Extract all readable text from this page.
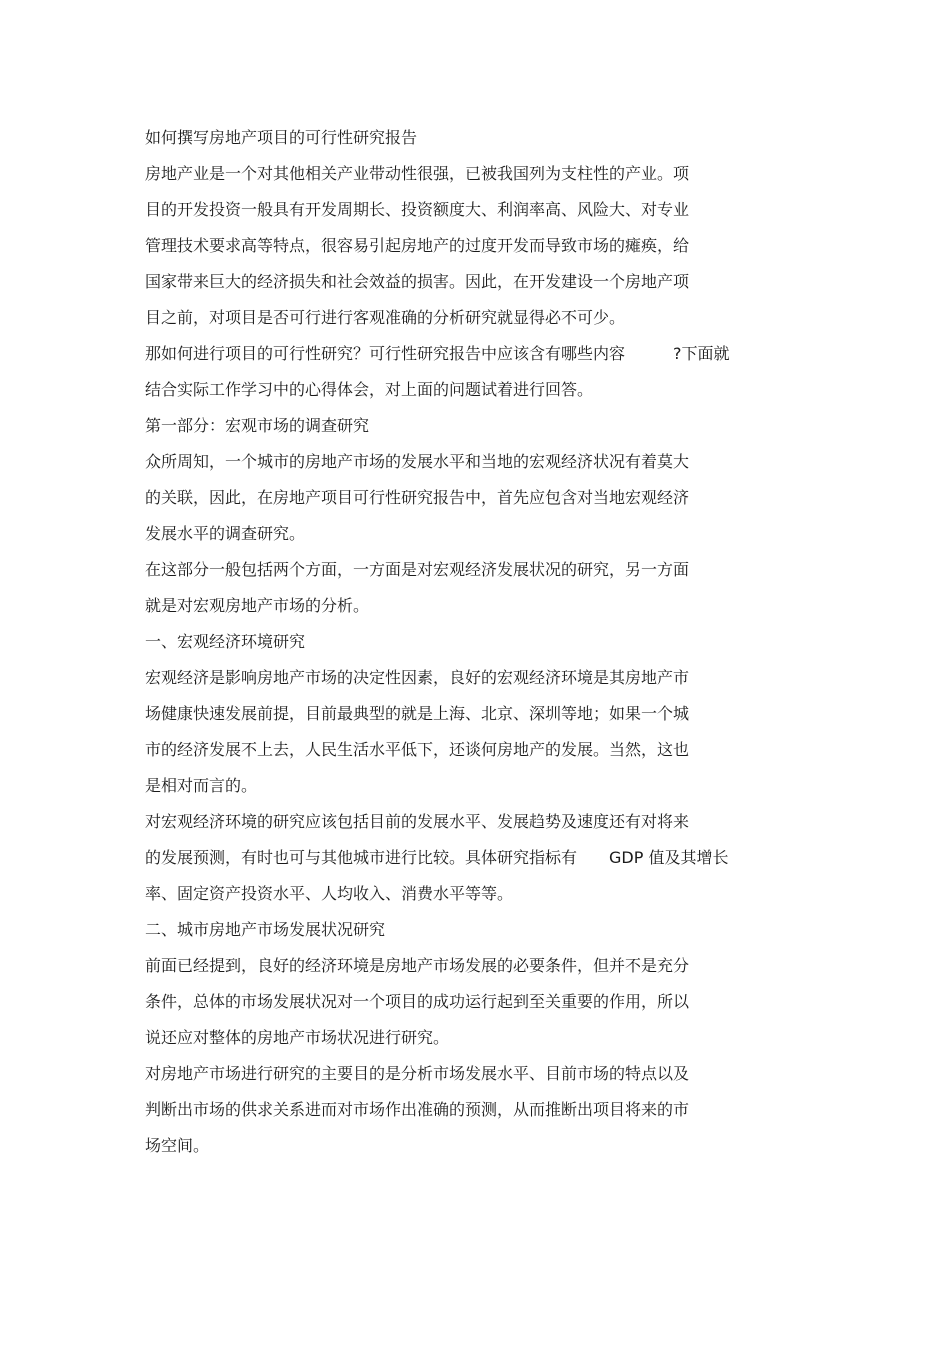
如何撰写房地产项目的可行性研究报告
房地产业是一个对其他相关产业带动性很强，已被我国列为支柱性的产业。项
目的开发投资一般具有开发周期长、投资额度大、利润率高、风险大、对专业
管理技术要求高等特点，很容易引起房地产的过度开发而导致市场的瘫痪，给
国家带来巨大的经济损失和社会效益的损害。因此，在开发建设一个房地产项
目之前，对项目是否可行进行客观准确的分析研究就显得必不可少。
那如何进行项目的可行性研究？可行性研究报告中应该含有哪些内容　　　?下面就
结合实际工作学习中的心得体会，对上面的问题试着进行回答。
第一部分：宏观市场的调查研究
众所周知，一个城市的房地产市场的发展水平和当地的宏观经济状况有着莫大
的关联，因此，在房地产项目可行性研究报告中，首先应包含对当地宏观经济
发展水平的调查研究。
在这部分一般包括两个方面，一方面是对宏观经济发展状况的研究，另一方面
就是对宏观房地产市场的分析。
一、宏观经济环境研究
宏观经济是影响房地产市场的决定性因素，良好的宏观经济环境是其房地产市
场健康快速发展前提，目前最典型的就是上海、北京、深圳等地；如果一个城
市的经济发展不上去，人民生活水平低下，还谈何房地产的发展。当然，这也
是相对而言的。
对宏观经济环境的研究应该包括目前的发展水平、发展趋势及速度还有对将来
的发展预测，有时也可与其他城市进行比较。具体研究指标有　　GDP 值及其增长
率、固定资产投资水平、人均收入、消费水平等等。
二、城市房地产市场发展状况研究
前面已经提到，良好的经济环境是房地产市场发展的必要条件，但并不是充分
条件，总体的市场发展状况对一个项目的成功运行起到至关重要的作用，所以
说还应对整体的房地产市场状况进行研究。
对房地产市场进行研究的主要目的是分析市场发展水平、目前市场的特点以及
判断出市场的供求关系进而对市场作出准确的预测，从而推断出项目将来的市
场空间。
